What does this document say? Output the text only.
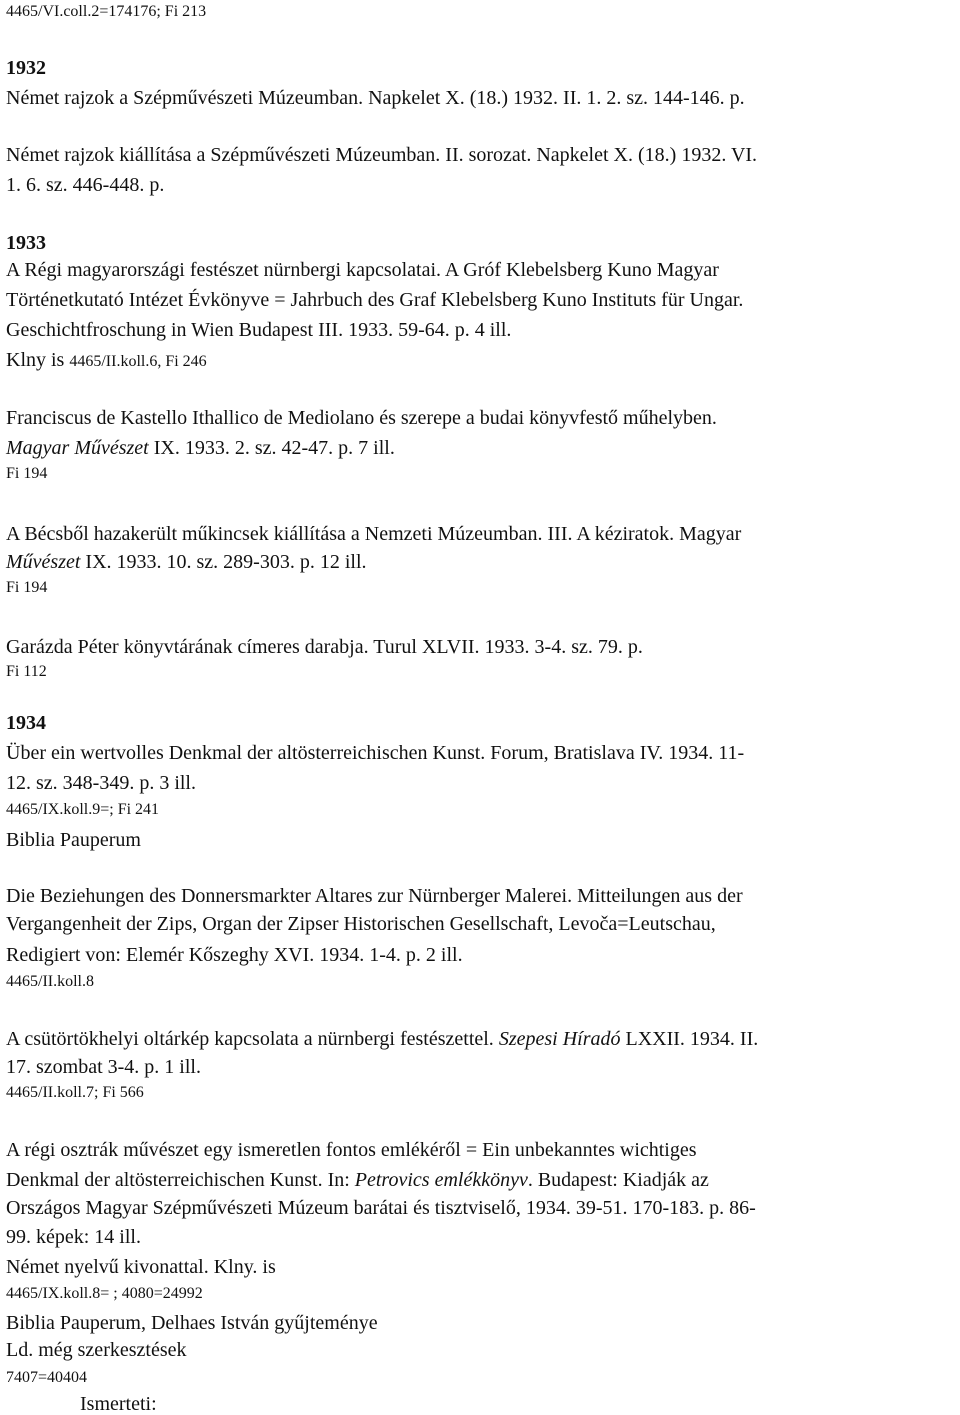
4465/VI.coll.2=174176; Fi 213
1932
Német rajzok a Szépművészeti Múzeumban. Napkelet X. (18.) 1932. II. 1. 2. sz. 144-146. p.
Német rajzok kiállítása a Szépművészeti Múzeumban. II. sorozat. Napkelet X. (18.) 1932. VI.
1. 6. sz. 446-448. p.
1933
A Régi magyarországi festészet nürnbergi kapcsolatai. A Gróf Klebelsberg Kuno Magyar
Történetkutató Intézet Évkönyve = Jahrbuch des Graf Klebelsberg Kuno Instituts für Ungar.
Geschichtfroschung in Wien Budapest III. 1933. 59-64. p. 4 ill.
Klny is 4465/II.koll.6, Fi 246
Franciscus de Kastello Ithallico de Mediolano és szerepe a budai könyvfestő műhelyben.
Magyar Művészet IX. 1933. 2. sz. 42-47. p. 7 ill.
Fi 194
A Bécsből hazakerült műkincsek kiállítása a Nemzeti Múzeumban. III. A kéziratok. Magyar
Művészet IX. 1933. 10. sz. 289-303. p. 12 ill.
Fi 194
Garázda Péter könyvtárának címeres darabja. Turul XLVII. 1933. 3-4. sz. 79. p.
Fi 112
1934
Über ein wertvolles Denkmal der altösterreichischen Kunst. Forum, Bratislava IV. 1934. 11-
12. sz. 348-349. p. 3 ill.
4465/IX.koll.9=; Fi 241
Biblia Pauperum
Die Beziehungen des Donnersmarkter Altares zur Nürnberger Malerei. Mitteilungen aus der
Vergangenheit der Zips, Organ der Zipser Historischen Gesellschaft, Levoča=Leutschau,
Redigiert von: Elemér Kőszeghy XVI. 1934. 1-4. p. 2 ill.
4465/II.koll.8
A csütörtökhelyi oltárkép kapcsolata a nürnbergi festészettel. Szepesi Híradó LXXII. 1934. II.
17. szombat 3-4. p. 1 ill.
4465/II.koll.7; Fi 566
A régi osztrák művészet egy ismeretlen fontos emlékéről = Ein unbekanntes wichtiges
Denkmal der altösterreichischen Kunst. In: Petrovics emlékkönyv. Budapest: Kiadják az
Országos Magyar Szépművészeti Múzeum barátai és tisztviselő, 1934. 39-51. 170-183. p. 86-
99. képek: 14 ill.
Német nyelvű kivonattal. Klny. is
4465/IX.koll.8= ; 4080=24992
Biblia Pauperum, Delhaes István gyűjteménye
Ld. még szerkesztések
7407=40404
Ismerteti:
